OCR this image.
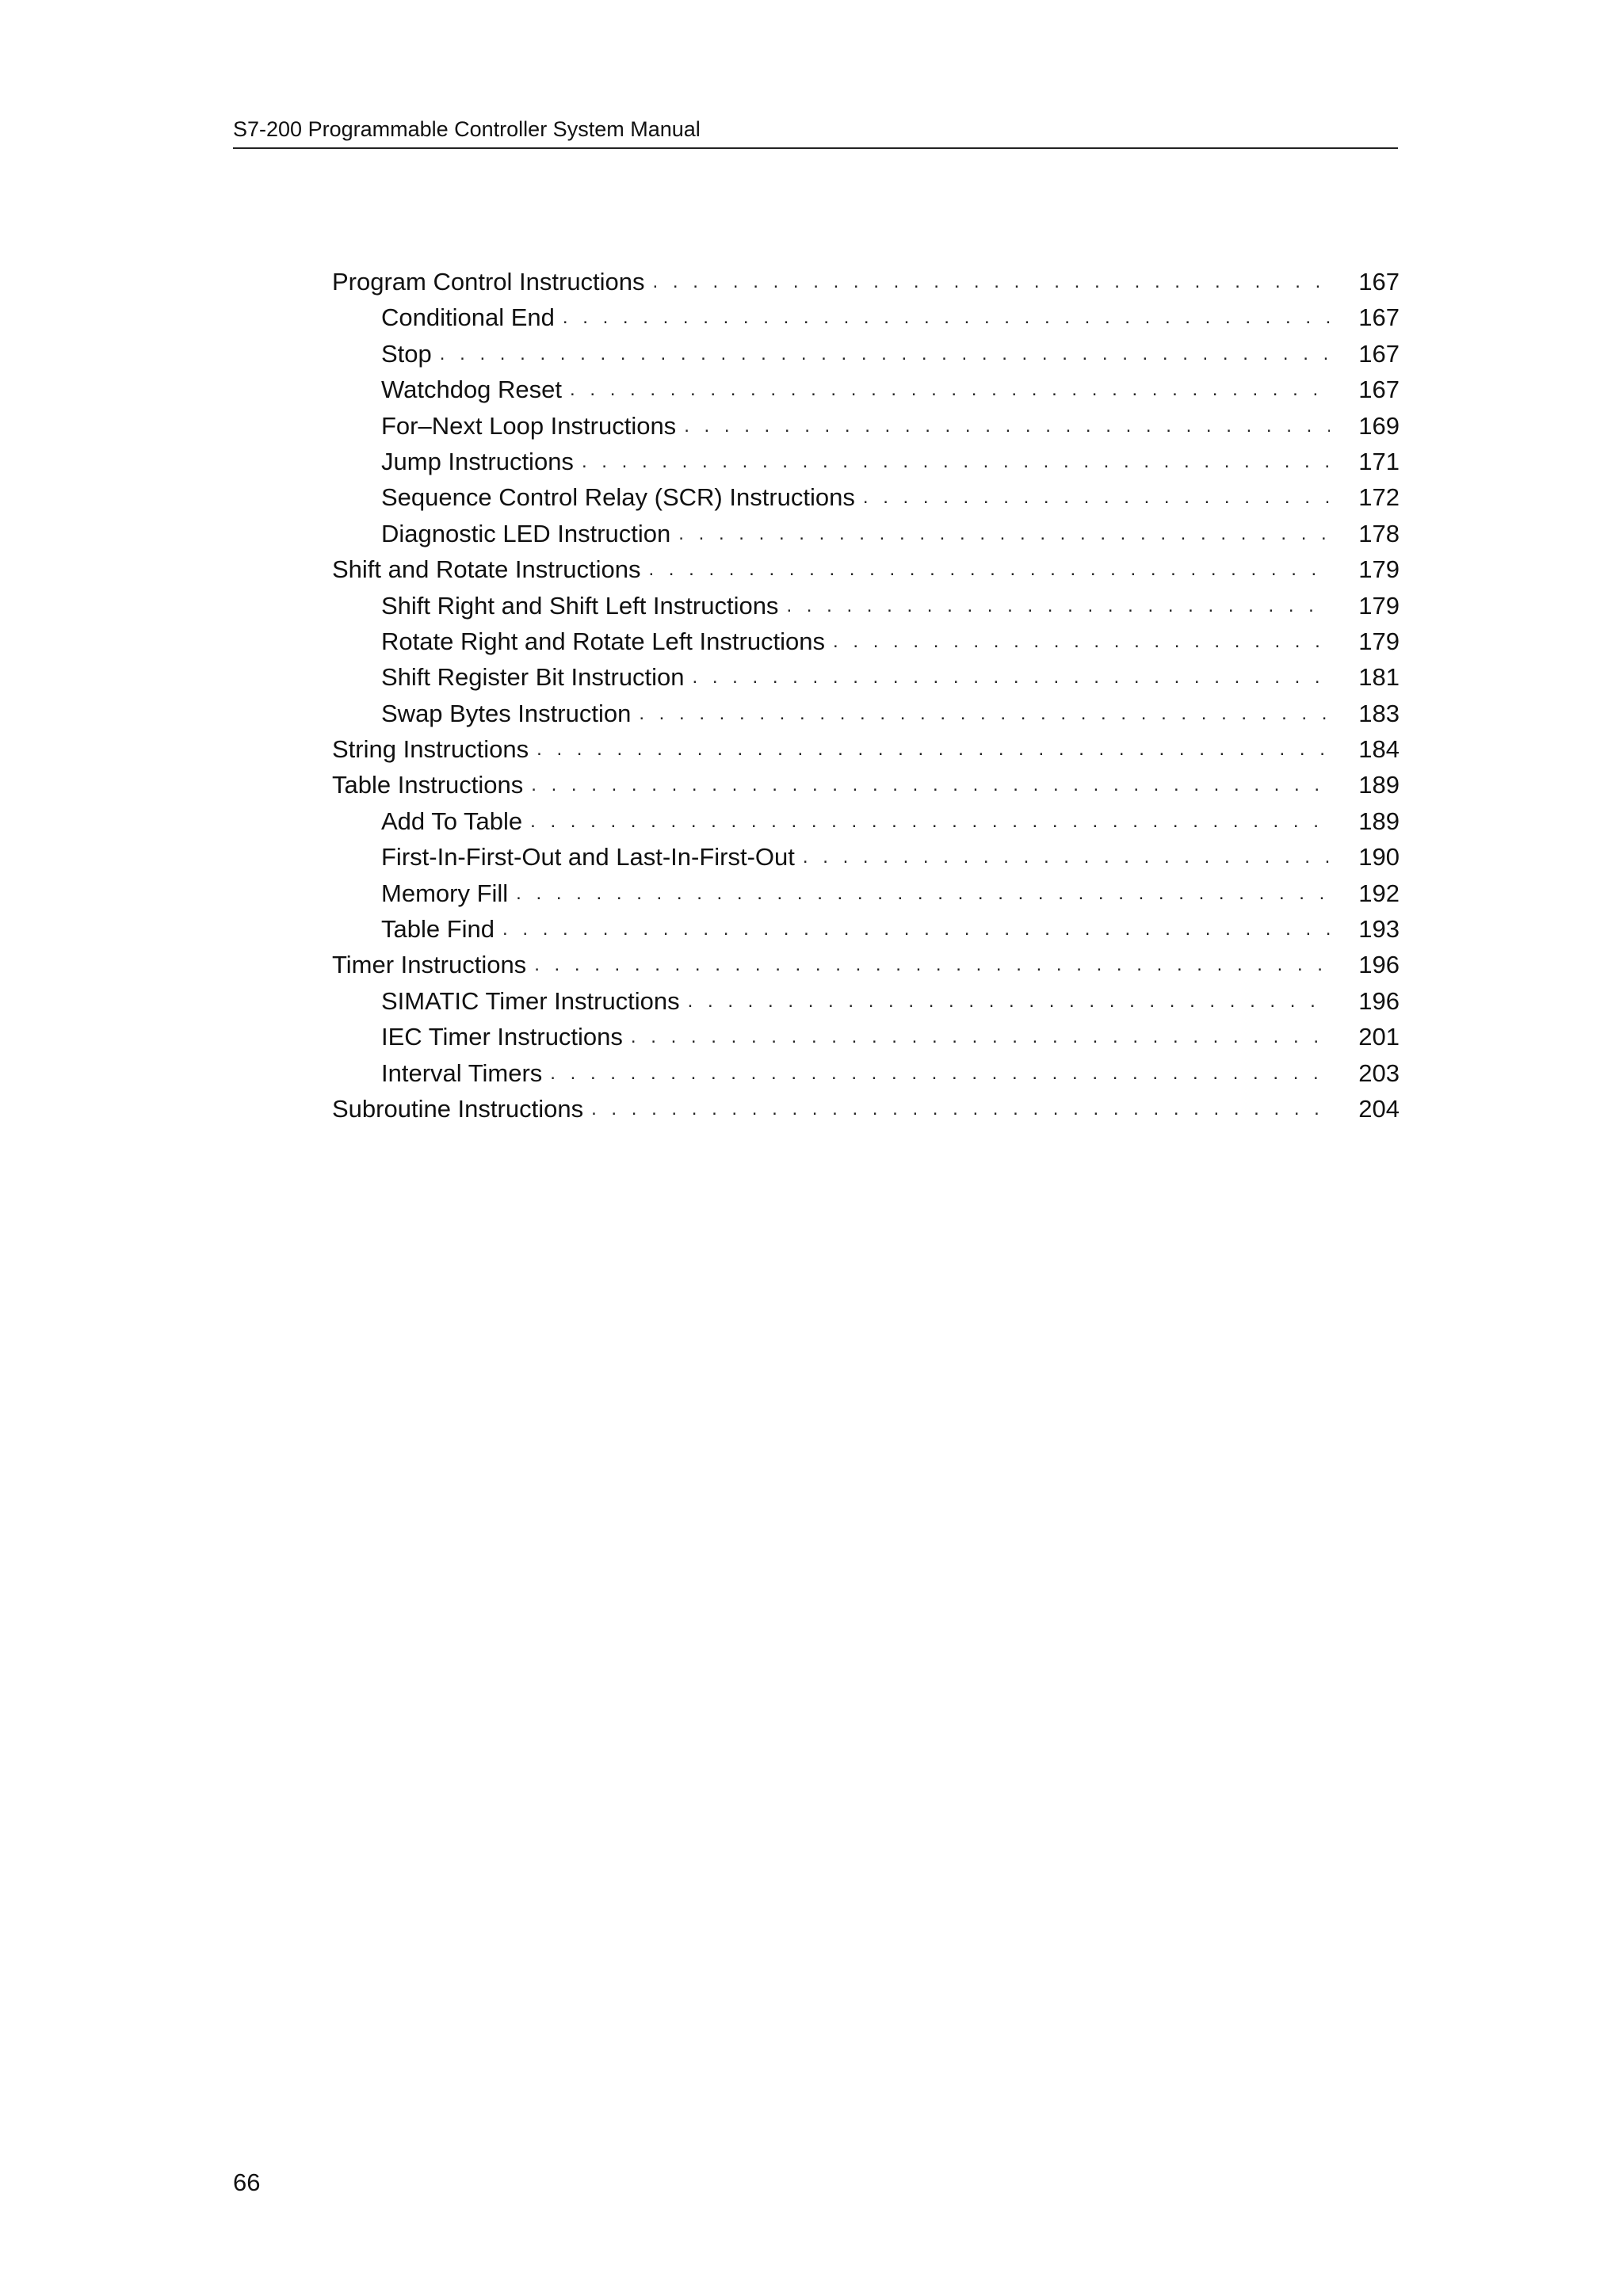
S7-200 Programmable Controller System Manual
Program Control Instructions . . .	167
Conditional End . . .	167
Stop . . .	167
Watchdog Reset . . .	167
For–Next Loop Instructions . . .	169
Jump Instructions . . .	171
Sequence Control Relay (SCR) Instructions . . .	172
Diagnostic LED Instruction . . .	178
Shift and Rotate Instructions . . .	179
Shift Right and Shift Left Instructions . . .	179
Rotate Right and Rotate Left Instructions . . .	179
Shift Register Bit Instruction . . .	181
Swap Bytes Instruction . . .	183
String Instructions . . .	184
Table Instructions . . .	189
Add To Table . . .	189
First-In-First-Out and Last-In-First-Out . . .	190
Memory Fill . . .	192
Table Find . . .	193
Timer Instructions . . .	196
SIMATIC Timer Instructions . . .	196
IEC Timer Instructions . . .	201
Interval Timers . . .	203
Subroutine Instructions . . .	204
66
